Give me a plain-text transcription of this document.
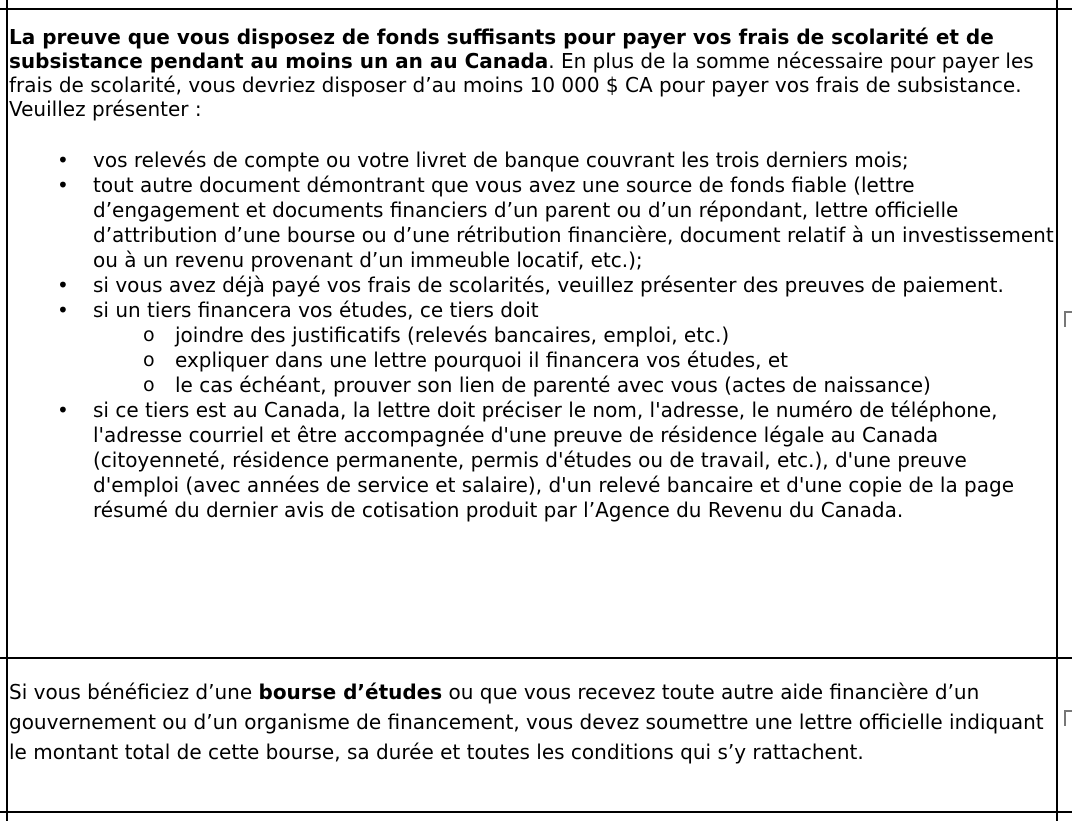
La preuve que vous disposez de fonds suffisants pour payer vos frais de scolarité et de subsistance pendant au moins un an au Canada. En plus de la somme nécessaire pour payer les frais de scolarité, vous devriez disposer d’au moins 10 000 $ CA pour payer vos frais de subsistance. Veuillez présenter :

• vos relevés de compte ou votre livret de banque couvrant les trois derniers mois;
• tout autre document démontrant que vous avez une source de fonds fiable (lettre d’engagement et documents financiers d’un parent ou d’un répondant, lettre officielle d’attribution d’une bourse ou d’une rétribution financière, document relatif à un investissement ou à un revenu provenant d’un immeuble locatif, etc.);
• si vous avez déjà payé vos frais de scolarités, veuillez présenter des preuves de paiement.
• si un tiers financera vos études, ce tiers doit
o joindre des justificatifs (relevés bancaires, emploi, etc.)
o expliquer dans une lettre pourquoi il financera vos études, et
o le cas échéant, prouver son lien de parenté avec vous (actes de naissance)
• si ce tiers est au Canada, la lettre doit préciser le nom, l'adresse, le numéro de téléphone, l'adresse courriel et être accompagnée d'une preuve de résidence légale au Canada (citoyenneté, résidence permanente, permis d'études ou de travail, etc.), d'une preuve d'emploi (avec années de service et salaire), d'un relevé bancaire et d'une copie de la page résumé du dernier avis de cotisation produit par l’Agence du Revenu du Canada.

Si vous bénéficiez d’une bourse d’études ou que vous recevez toute autre aide financière d’un gouvernement ou d’un organisme de financement, vous devez soumettre une lettre officielle indiquant le montant total de cette bourse, sa durée et toutes les conditions qui s’y rattachent.
